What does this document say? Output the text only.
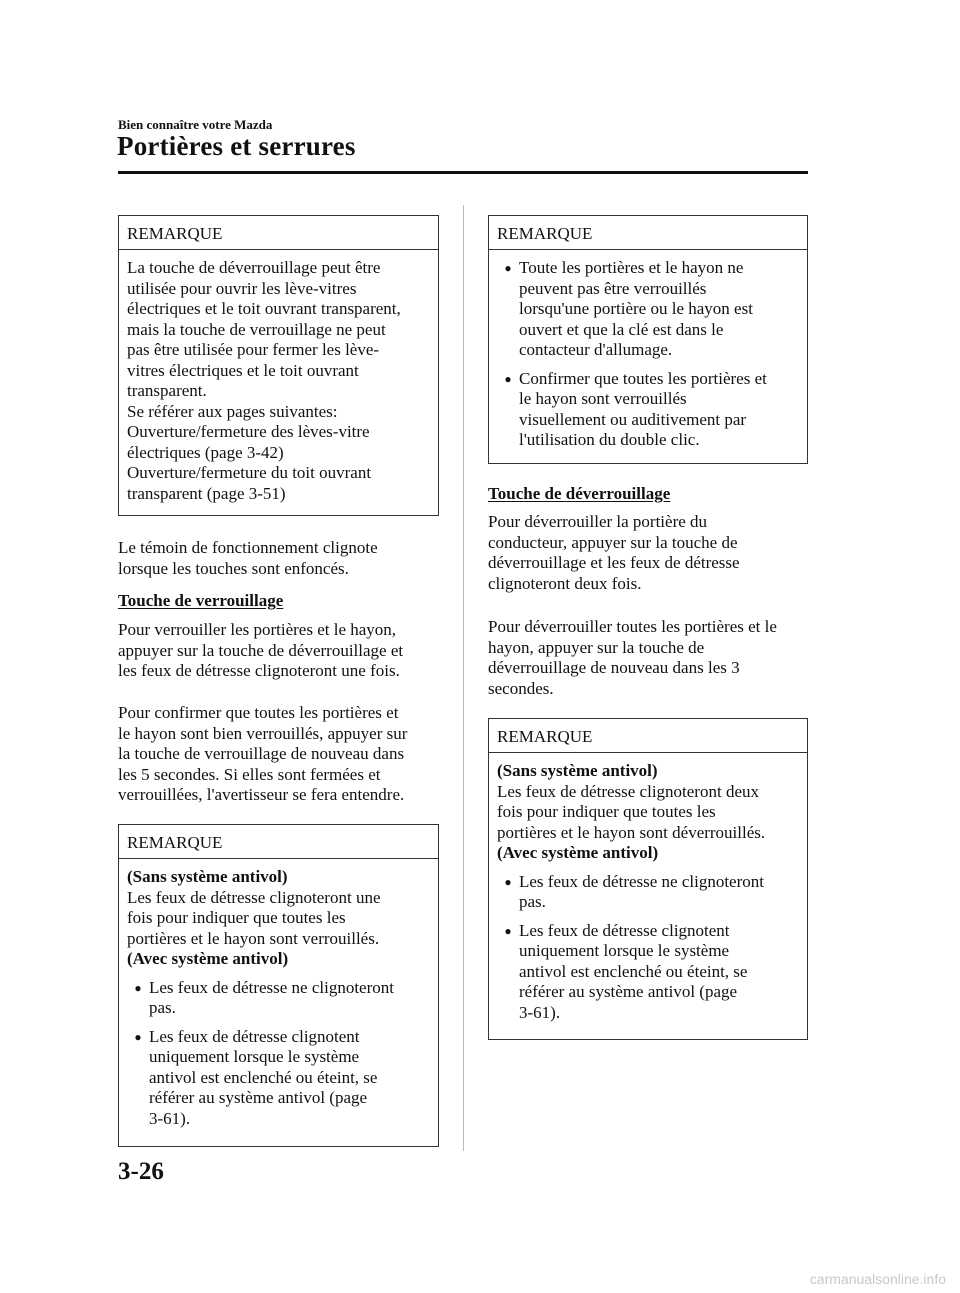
Bien connaître votre Mazda
Portières et serrures
REMARQUE
La touche de déverrouillage peut être
utilisée pour ouvrir les lève-vitres
électriques et le toit ouvrant transparent,
mais la touche de verrouillage ne peut
pas être utilisée pour fermer les lève-
vitres électriques et le toit ouvrant
transparent.
Se référer aux pages suivantes:
Ouverture/fermeture des lèves-vitre
électriques (page 3-42)
Ouverture/fermeture du toit ouvrant
transparent (page 3-51)
Le témoin de fonctionnement clignote
lorsque les touches sont enfoncés.
Touche de verrouillage
Pour verrouiller les portières et le hayon,
appuyer sur la touche de déverrouillage et
les feux de détresse clignoteront une fois.
Pour confirmer que toutes les portières et
le hayon sont bien verrouillés, appuyer sur
la touche de verrouillage de nouveau dans
les 5 secondes. Si elles sont fermées et
verrouillées, l'avertisseur se fera entendre.
REMARQUE

(Sans système antivol)

Les feux de détresse clignoteront une
fois pour indiquer que toutes les
portières et le hayon sont verrouillés.

(Avec système antivol)

● Les feux de détresse ne clignoteront
pas.
● Les feux de détresse clignotent
uniquement lorsque le système
antivol est enclenché ou éteint, se
référer au système antivol (page
3-61).
REMARQUE
● Toute les portières et le hayon ne
peuvent pas être verrouillés
lorsqu'une portière ou le hayon est
ouvert et que la clé est dans le
contacteur d'allumage.
● Confirmer que toutes les portières et
le hayon sont verrouillés
visuellement ou auditivement par
l'utilisation du double clic.
Touche de déverrouillage
Pour déverrouiller la portière du
conducteur, appuyer sur la touche de
déverrouillage et les feux de détresse
clignoteront deux fois.
Pour déverrouiller toutes les portières et le
hayon, appuyer sur la touche de
déverrouillage de nouveau dans les 3
secondes.
REMARQUE

(Sans système antivol)

Les feux de détresse clignoteront deux
fois pour indiquer que toutes les
portières et le hayon sont déverrouillés.

(Avec système antivol)

● Les feux de détresse ne clignoteront
pas.
● Les feux de détresse clignotent
uniquement lorsque le système
antivol est enclenché ou éteint, se
référer au système antivol (page
3-61).
3-26
carmanualsonline.info
